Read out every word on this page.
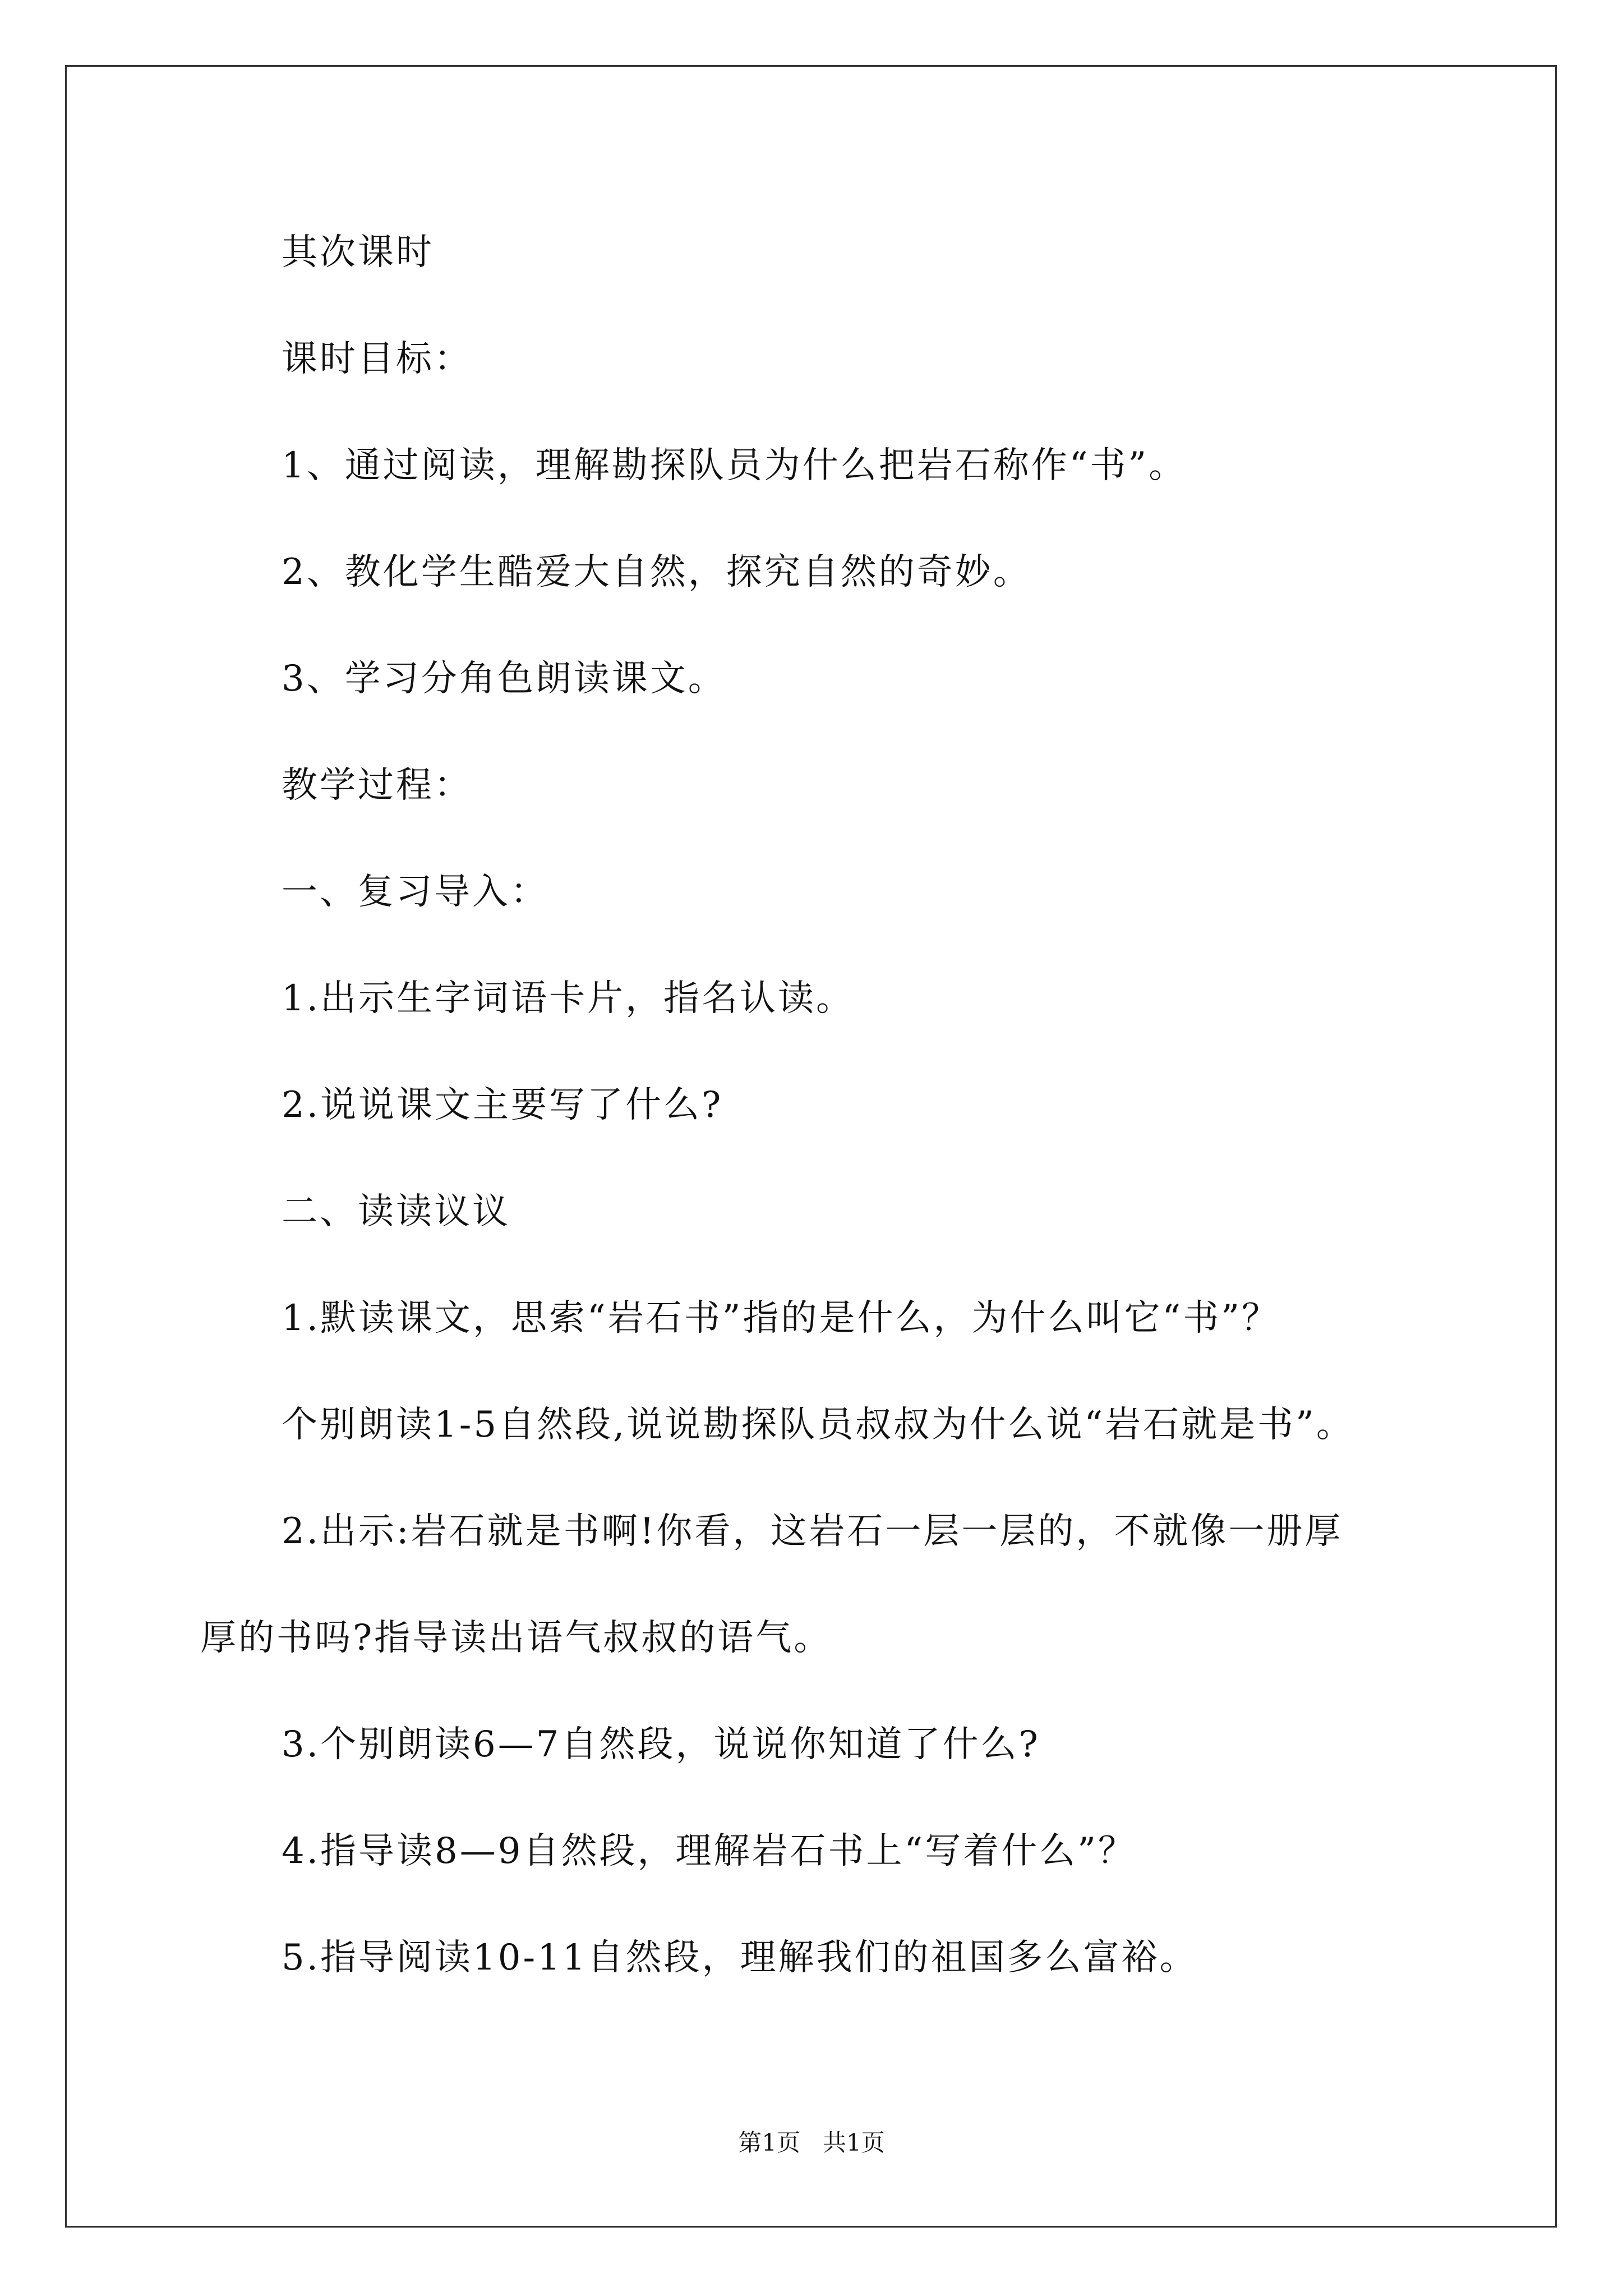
其次课时
课时目标：
1、通过阅读，理解勘探队员为什么把岩石称作“书”。
2、教化学生酷爱大自然，探究自然的奇妙。
3、学习分角色朗读课文。
教学过程：
一、复习导入：
1.出示生字词语卡片，指名认读。
2.说说课文主要写了什么?
二、读读议议
1.默读课文，思索“岩石书”指的是什么，为什么叫它“书”？
个别朗读1-5自然段,说说勘探队员叔叔为什么说“岩石就是书”。
2.出示:岩石就是书啊!你看，这岩石一层一层的，不就像一册厚
厚的书吗?指导读出语气叔叔的语气。
3.个别朗读6—7自然段，说说你知道了什么?
4.指导读8—9自然段，理解岩石书上“写着什么”？
5.指导阅读10-11自然段，理解我们的祖国多么富裕。
第1页   共1页
